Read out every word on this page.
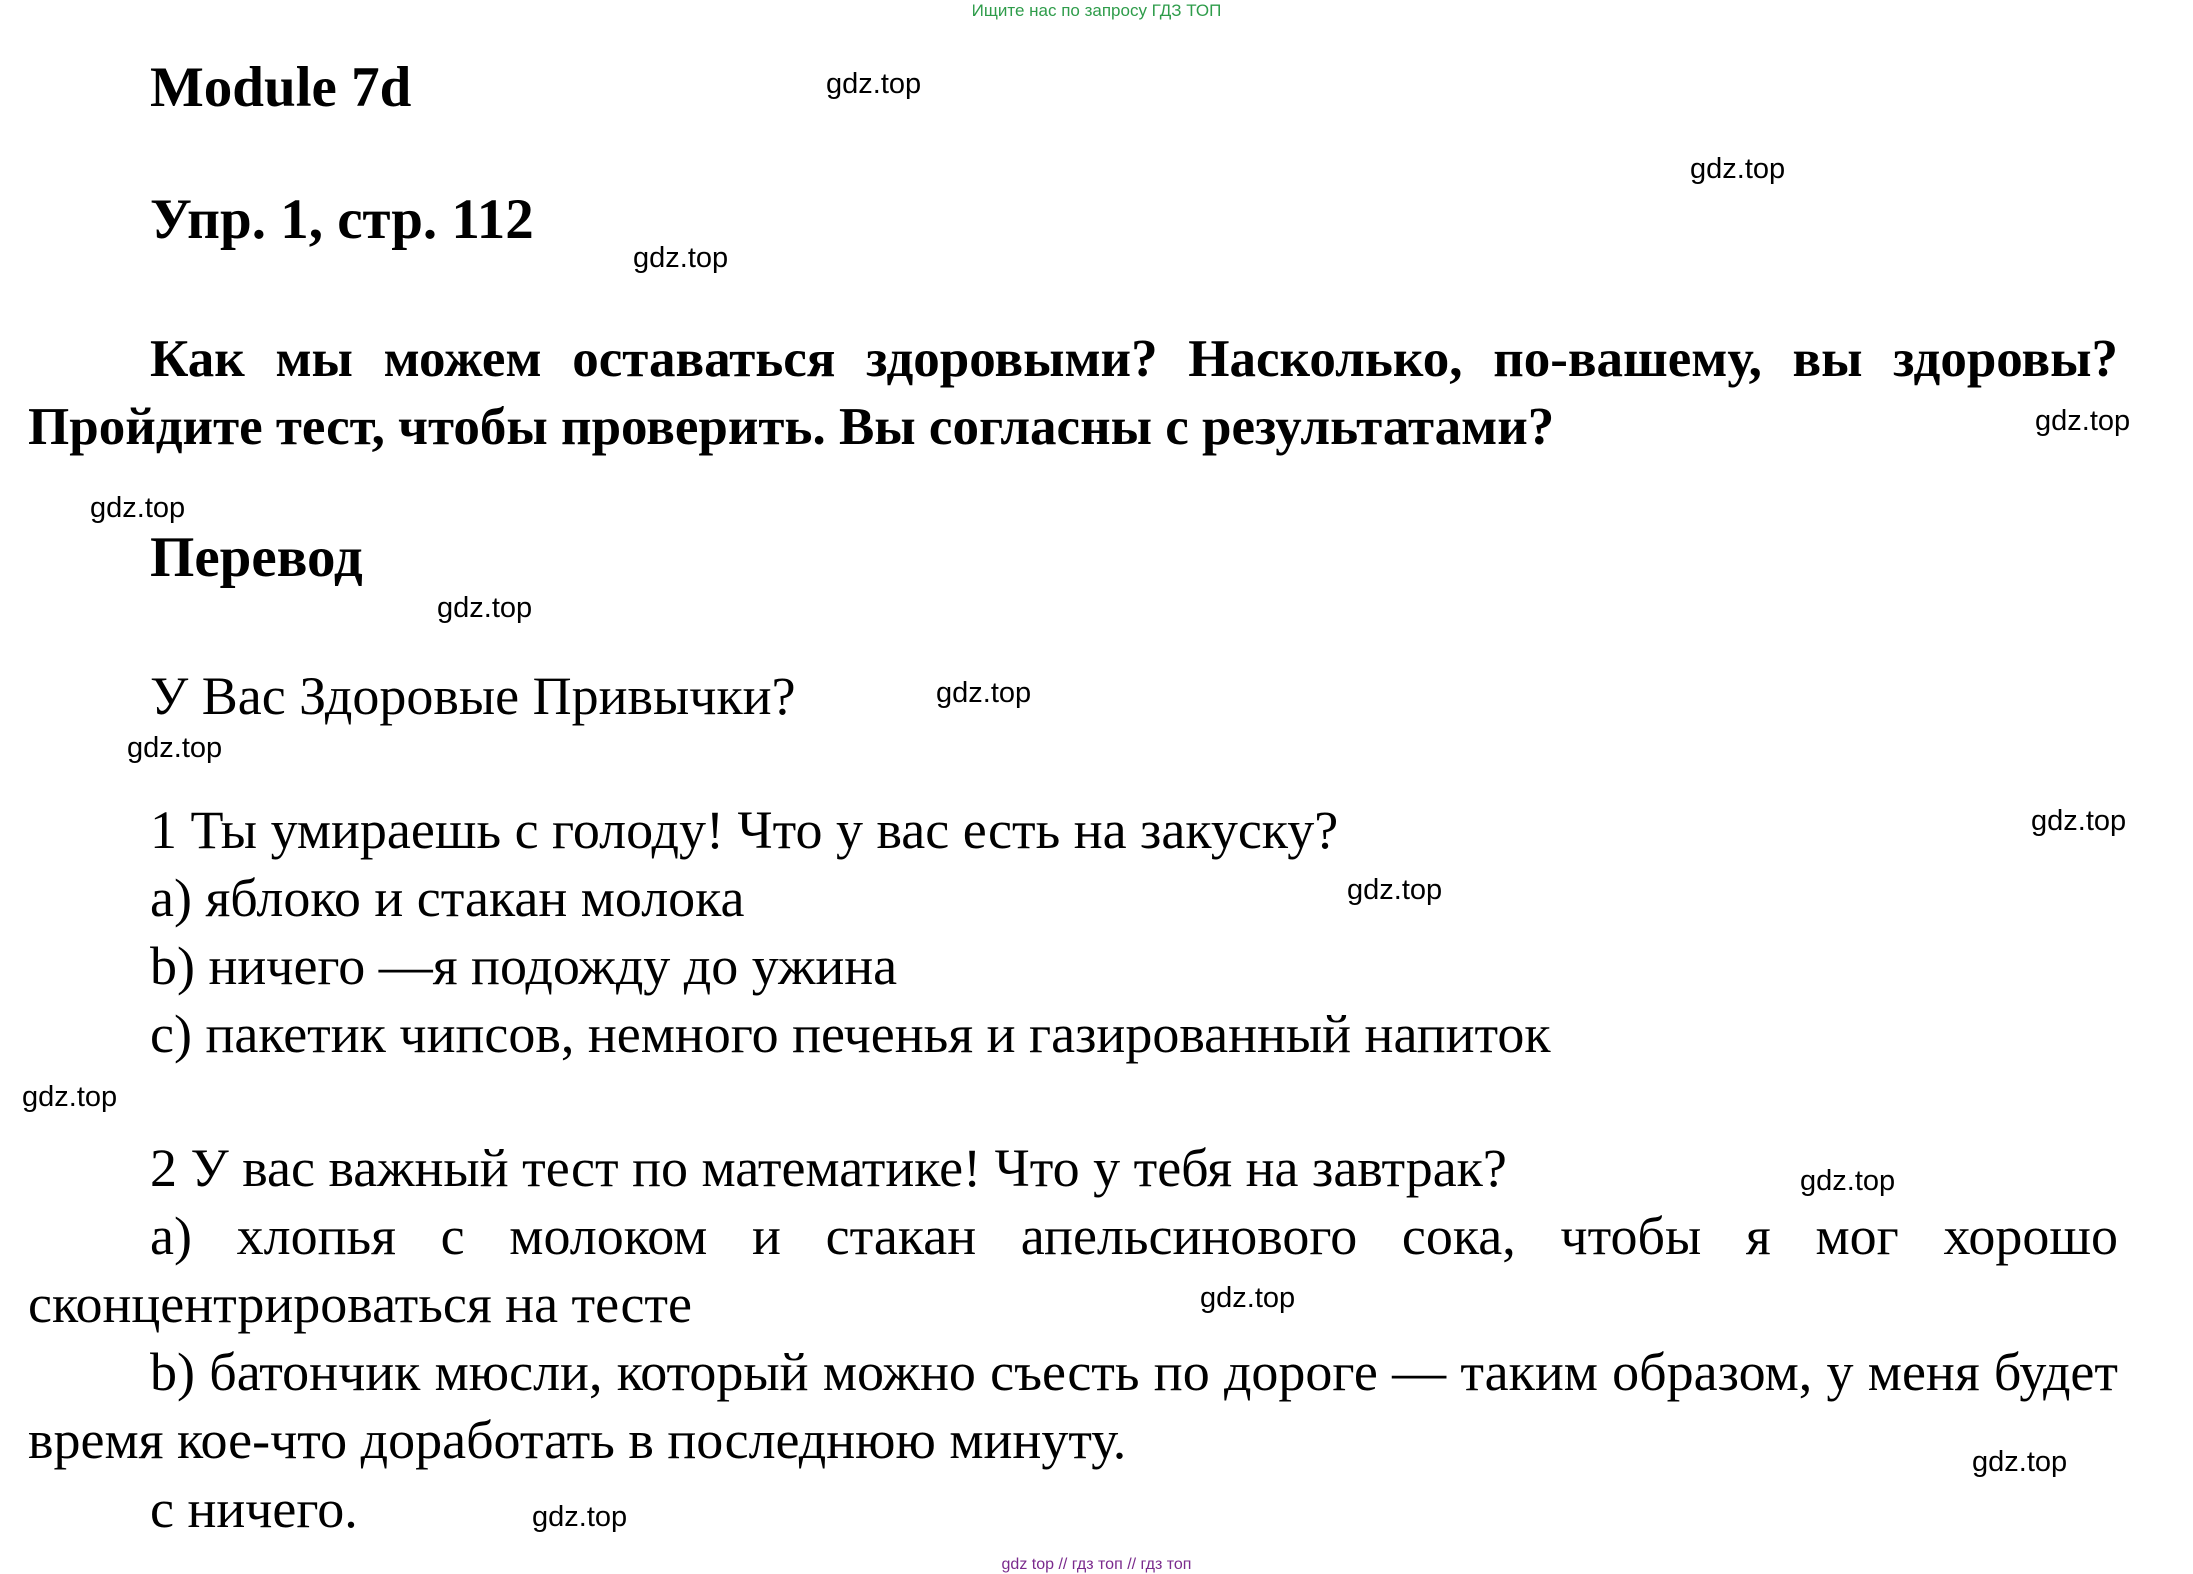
Ищите нас по запросу ГДЗ ТОП
Module 7d
Упр. 1, стр. 112

Как мы можем оставаться здоровыми? Насколько, по-вашему, вы здоровы? Пройдите тест, чтобы проверить. Вы согласны с результатами?

Перевод

У Вас Здоровые Привычки?

1 Ты умираешь с голоду! Что у вас есть на закуску?

a) яблоко и стакан молока

b) ничего —я подожду до ужина

c) пакетик чипсов, немного печенья и газированный напиток

2 У вас важный тест по математике! Что у тебя на завтрак?

a) хлопья с молоком и стакан апельсинового сока, чтобы я мог хорошо сконцентрироваться на тесте

b) батончик мюсли, который можно съесть по дороге — таким образом, у меня будет время кое-что доработать в последнюю минуту.

с ничего.

gdz.top
gdz.top
gdz.top
gdz.top
gdz.top
gdz.top
gdz.top
gdz.top
gdz.top
gdz.top
gdz.top
gdz.top
gdz.top
gdz.top
gdz.top
gdz top // гдз топ // гдз топ
